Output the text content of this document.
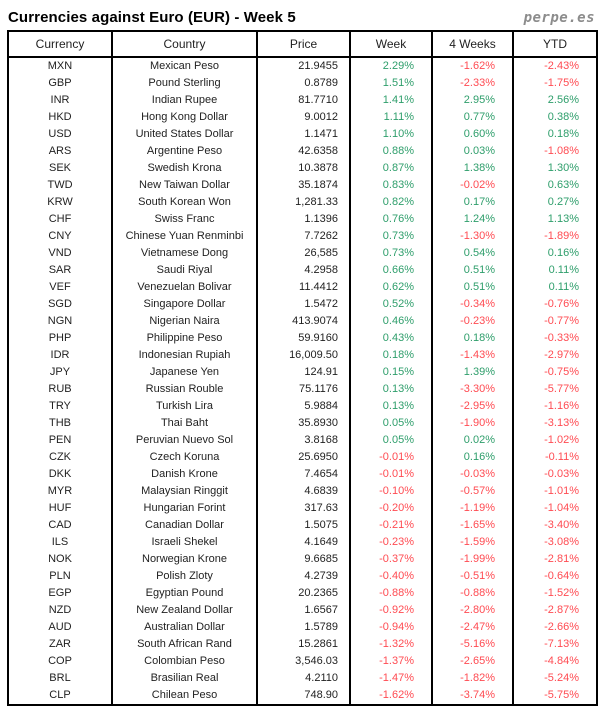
Currencies against Euro (EUR) - Week 5	perpe.es
Currency	Country	Price	Week	4 Weeks	YTD
MXN	Mexican Peso	21.9455	2.29%	-1.62%	-2.43%
GBP	Pound Sterling	0.8789	1.51%	-2.33%	-1.75%
INR	Indian Rupee	81.7710	1.41%	2.95%	2.56%
HKD	Hong Kong Dollar	9.0012	1.11%	0.77%	0.38%
USD	United States Dollar	1.1471	1.10%	0.60%	0.18%
ARS	Argentine Peso	42.6358	0.88%	0.03%	-1.08%
SEK	Swedish Krona	10.3878	0.87%	1.38%	1.30%
TWD	New Taiwan Dollar	35.1874	0.83%	-0.02%	0.63%
KRW	South Korean Won	1,281.33	0.82%	0.17%	0.27%
CHF	Swiss Franc	1.1396	0.76%	1.24%	1.13%
CNY	Chinese Yuan Renminbi	7.7262	0.73%	-1.30%	-1.89%
VND	Vietnamese Dong	26,585	0.73%	0.54%	0.16%
SAR	Saudi Riyal	4.2958	0.66%	0.51%	0.11%
VEF	Venezuelan Bolivar	11.4412	0.62%	0.51%	0.11%
SGD	Singapore Dollar	1.5472	0.52%	-0.34%	-0.76%
NGN	Nigerian Naira	413.9074	0.46%	-0.23%	-0.77%
PHP	Philippine Peso	59.9160	0.43%	0.18%	-0.33%
IDR	Indonesian Rupiah	16,009.50	0.18%	-1.43%	-2.97%
JPY	Japanese Yen	124.91	0.15%	1.39%	-0.75%
RUB	Russian Rouble	75.1176	0.13%	-3.30%	-5.77%
TRY	Turkish Lira	5.9884	0.13%	-2.95%	-1.16%
THB	Thai Baht	35.8930	0.05%	-1.90%	-3.13%
PEN	Peruvian Nuevo Sol	3.8168	0.05%	0.02%	-1.02%
CZK	Czech Koruna	25.6950	-0.01%	0.16%	-0.11%
DKK	Danish Krone	7.4654	-0.01%	-0.03%	-0.03%
MYR	Malaysian Ringgit	4.6839	-0.10%	-0.57%	-1.01%
HUF	Hungarian Forint	317.63	-0.20%	-1.19%	-1.04%
CAD	Canadian Dollar	1.5075	-0.21%	-1.65%	-3.40%
ILS	Israeli Shekel	4.1649	-0.23%	-1.59%	-3.08%
NOK	Norwegian Krone	9.6685	-0.37%	-1.99%	-2.81%
PLN	Polish Zloty	4.2739	-0.40%	-0.51%	-0.64%
EGP	Egyptian Pound	20.2365	-0.88%	-0.88%	-1.52%
NZD	New Zealand Dollar	1.6567	-0.92%	-2.80%	-2.87%
AUD	Australian Dollar	1.5789	-0.94%	-2.47%	-2.66%
ZAR	South African Rand	15.2861	-1.32%	-5.16%	-7.13%
COP	Colombian Peso	3,546.03	-1.37%	-2.65%	-4.84%
BRL	Brasilian Real	4.2110	-1.47%	-1.82%	-5.24%
CLP	Chilean Peso	748.90	-1.62%	-3.74%	-5.75%
